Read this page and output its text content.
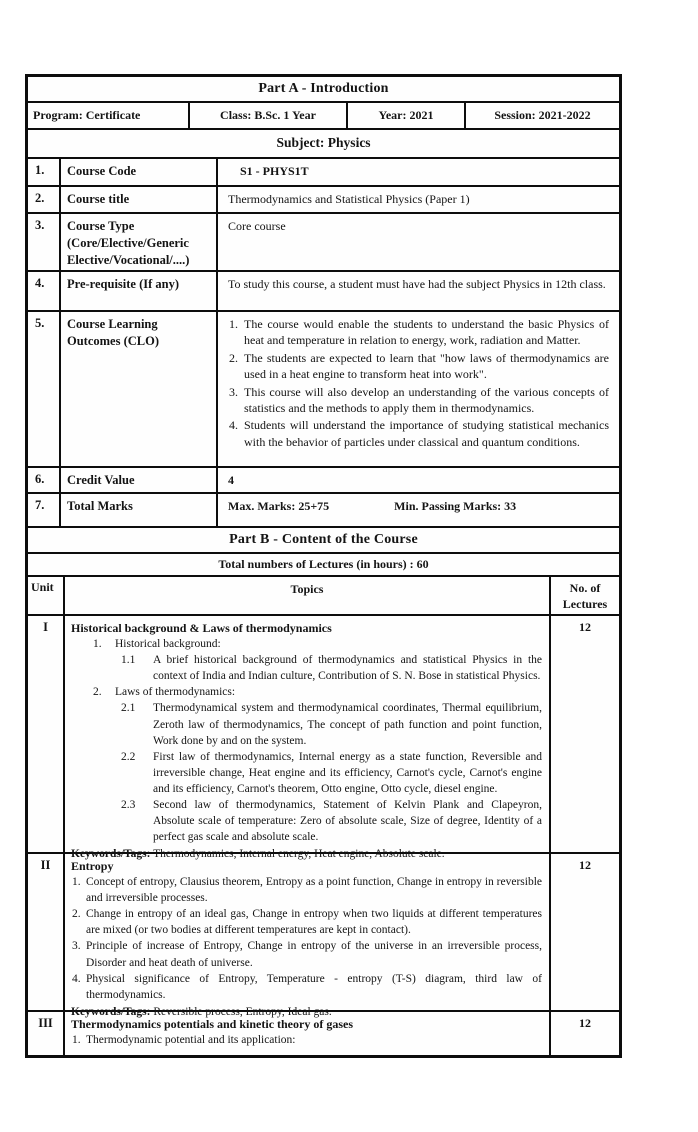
Part A - Introduction
Program: Certificate	Class: B.Sc. 1 Year	Year: 2021	Session: 2021-2022
Subject: Physics
1.	Course Code	S1 - PHYS1T
2.	Course title	Thermodynamics and Statistical Physics (Paper 1)
3.	Course Type (Core/Elective/Generic Elective/Vocational/....)
Core course
4.	Pre-requisite (If any)	To study this course, a student must have had the subject Physics in 12th class.
5.	Course Learning Outcomes (CLO)
1. The course would enable the students to understand the basic Physics of heat and temperature in relation to energy, work, radiation and Matter.
2. The students are expected to learn that "how laws of thermodynamics are used in a heat engine to transform heat into work".
3. This course will also develop an understanding of the various concepts of statistics and the methods to apply them in thermodynamics.
4. Students will understand the importance of studying statistical mechanics with the behavior of particles under classical and quantum conditions.
6.	Credit Value	4
7.	Total Marks	Max. Marks: 25+75	Min. Passing Marks: 33
Part B - Content of the Course
Total numbers of Lectures (in hours) : 60
Unit	Topics	No. of Lectures
I	Historical background & Laws of thermodynamics
1. Historical background:
1.1 A brief historical background of thermodynamics and statistical Physics in the context of India and Indian culture, Contribution of S. N. Bose in statistical Physics.
2. Laws of thermodynamics:
2.1 Thermodynamical system and thermodynamical coordinates, Thermal equilibrium, Zeroth law of thermodynamics, The concept of path function and point function, Work done by and on the system.
2.2 First law of thermodynamics, Internal energy as a state function, Reversible and irreversible change, Heat engine and its efficiency, Carnot's cycle, Carnot's engine and its efficiency, Carnot's theorem, Otto engine, Otto cycle, diesel engine.
2.3 Second law of thermodynamics, Statement of Kelvin Plank and Clapeyron, Absolute scale of temperature: Zero of absolute scale, Size of degree, Identity of a perfect gas scale and absolute scale.
Keywords/Tags: Thermodynamics, Internal energy, Heat engine, Absolute scale.
12
II	Entropy
1. Concept of entropy, Clausius theorem, Entropy as a point function, Change in entropy in reversible and irreversible processes.
2. Change in entropy of an ideal gas, Change in entropy when two liquids at different temperatures are mixed (or two bodies at different temperatures are kept in contact).
3. Principle of increase of Entropy, Change in entropy of the universe in an irreversible process, Disorder and heat death of universe.
4. Physical significance of Entropy, Temperature - entropy (T-S) diagram, third law of thermodynamics.
Keywords/Tags: Reversible process, Entropy, Ideal gas.
12
III	Thermodynamics potentials and kinetic theory of gases
1. Thermodynamic potential and its application:
12
